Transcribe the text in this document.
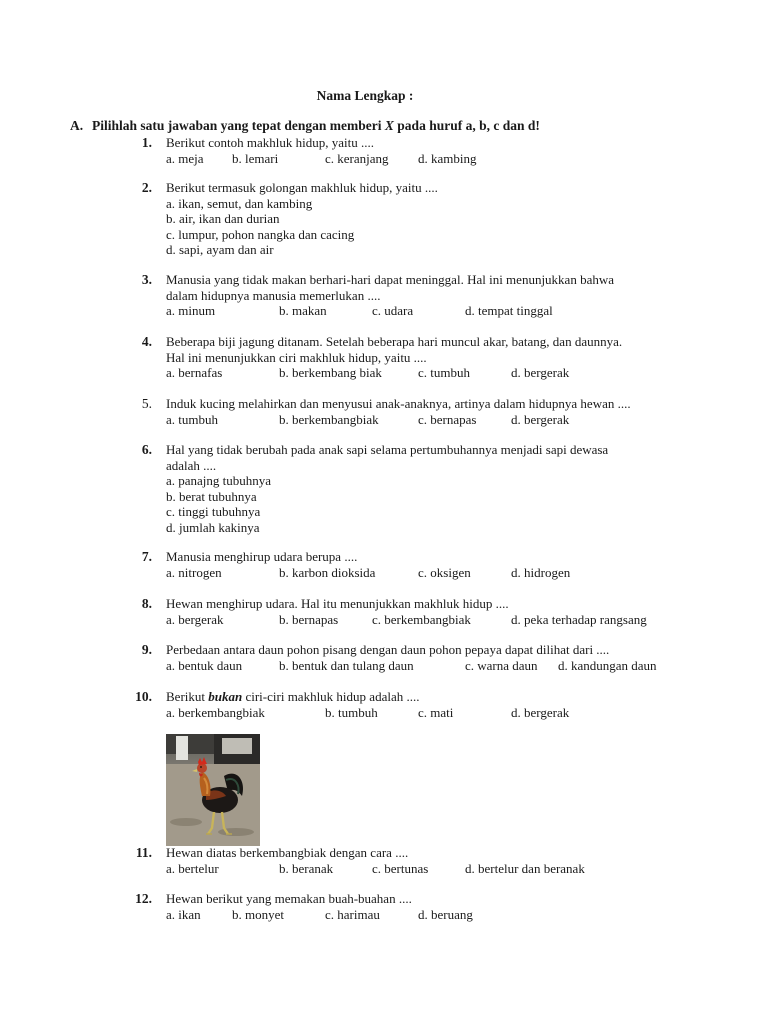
Nama Lengkap :
A. Pilihlah satu jawaban yang tepat dengan memberi X pada huruf a, b, c dan d!
1. Berikut contoh makhluk hidup, yaitu ....
a. meja b. lemari	c. keranjang d. kambing
2. Berikut termasuk golongan makhluk hidup, yaitu ....
a. ikan, semut, dan kambing
b. air, ikan dan durian
c. lumpur, pohon nangka dan cacing
d. sapi, ayam dan air
3. Manusia yang tidak makan berhari-hari dapat meninggal. Hal ini menunjukkan bahwa
dalam hidupnya manusia memerlukan ....
a. minum	b. makan	c. udara	d. tempat tinggal
4. Beberapa biji jagung ditanam. Setelah beberapa hari muncul akar, batang, dan daunnya.
Hal ini menunjukkan ciri makhluk hidup, yaitu ....
a. bernafas	b. berkembang biak	c. tumbuh	d. bergerak
5. Induk kucing melahirkan dan menyusui anak-anaknya, artinya dalam hidupnya hewan ....
a. tumbuh	b. berkembangbiak	c. bernapas	d. bergerak
6. Hal yang tidak berubah pada anak sapi selama pertumbuhannya menjadi sapi dewasa
adalah ....
a. panajng tubuhnya
b. berat tubuhnya
c. tinggi tubuhnya
d. jumlah kakinya
7. Manusia menghirup udara berupa ....
a. nitrogen	b. karbon dioksida	c. oksigen	d. hidrogen
8. Hewan menghirup udara. Hal itu menunjukkan makhluk hidup ....
a. bergerak	b. bernapas	c. berkembangbiak	d. peka terhadap rangsang
9. Perbedaan antara daun pohon pisang dengan daun pohon pepaya dapat dilihat dari ....
a. bentuk daun	b. bentuk dan tulang daun	c. warna daun d. kandungan daun
10. Berikut bukan ciri-ciri makhluk hidup adalah ....
a. berkembangbiak	b. tumbuh	c. mati	d. bergerak
11. Hewan diatas berkembangbiak dengan cara ....
a. bertelur	b. beranak	c. bertunas	d. bertelur dan beranak
12. Hewan berikut yang memakan buah-buahan ....
a. ikan b. monyet	c. harimau	d. beruang
